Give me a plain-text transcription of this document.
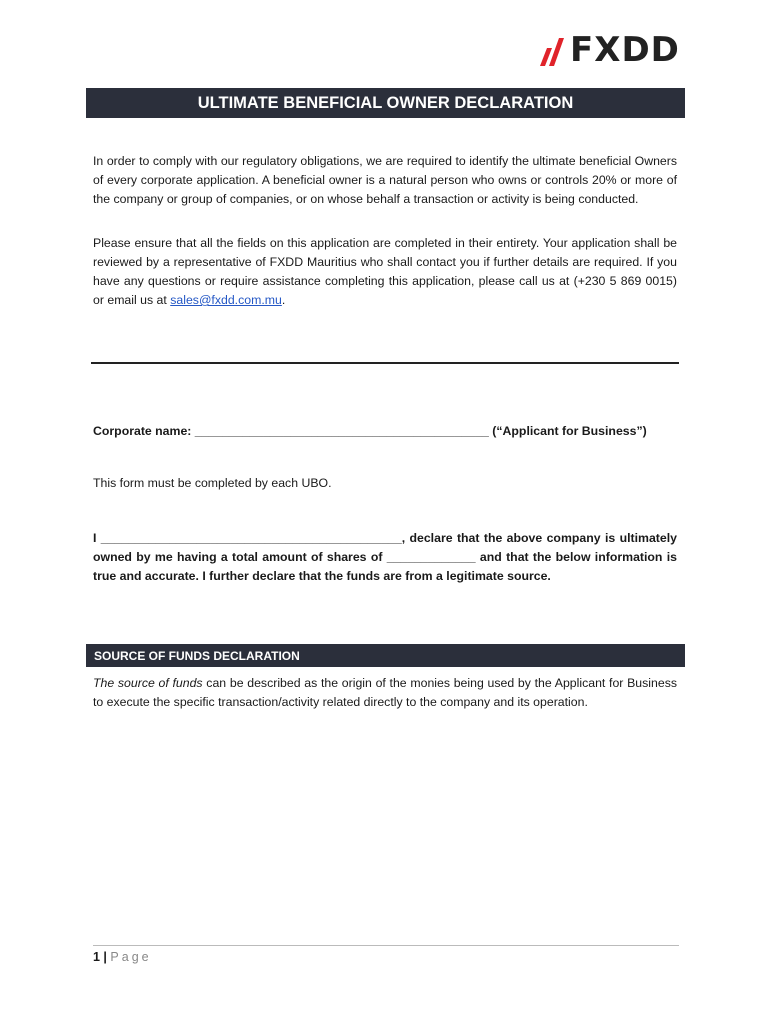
FXDD
ULTIMATE BENEFICIAL OWNER DECLARATION
In order to comply with our regulatory obligations, we are required to identify the ultimate beneficial Owners of every corporate application. A beneficial owner is a natural person who owns or controls 20% or more of the company or group of companies, or on whose behalf a transaction or activity is being conducted.
Please ensure that all the fields on this application are completed in their entirety. Your application shall be reviewed by a representative of FXDD Mauritius who shall contact you if further details are required. If you have any questions or require assistance completing this application, please call us at (+230 5 869 0015) or email us at sales@fxdd.com.mu.
Corporate name: ___________________________________________ (“Applicant for Business”)
This form must be completed by each UBO.
I ____________________________________________, declare that the above company is ultimately owned by me having a total amount of shares of _____________ and that the below information is true and accurate. I further declare that the funds are from a legitimate source.
SOURCE OF FUNDS DECLARATION
The source of funds can be described as the origin of the monies being used by the Applicant for Business to execute the specific transaction/activity related directly to the company and its operation.
1 | Page
